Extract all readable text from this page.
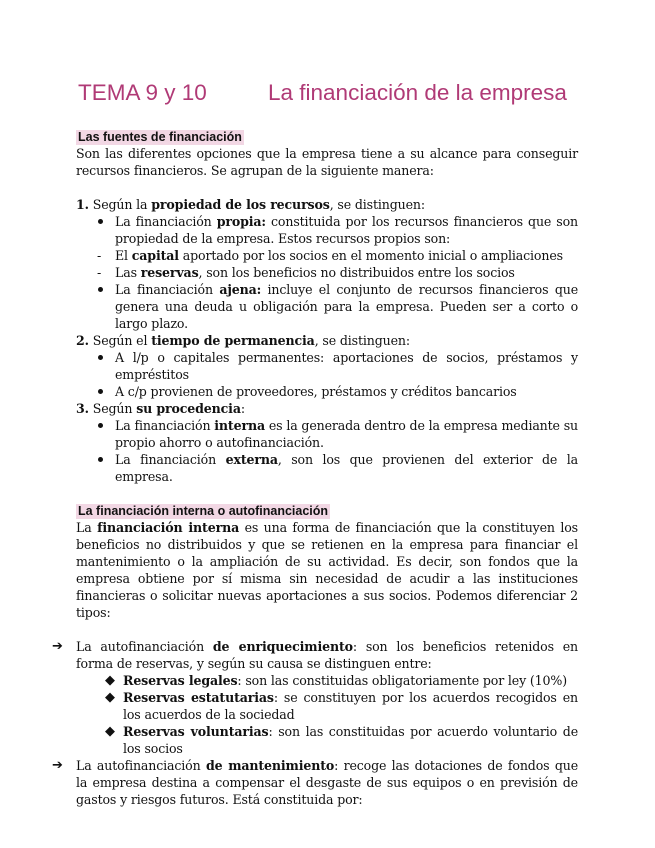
TEMA 9 y 10	La financiación de la empresa
Las fuentes de financiación

Son las diferentes opciones que la empresa tiene a su alcance para conseguir recursos financieros. Se agrupan de la siguiente manera:

1. Según la propiedad de los recursos, se distinguen:

La financiación propia: constituida por los recursos financieros que son propiedad de la empresa. Estos recursos propios son:

- El capital aportado por los socios en el momento inicial o ampliaciones

- Las reservas, son los beneficios no distribuidos entre los socios

La financiación ajena: incluye el conjunto de recursos financieros que genera una deuda u obligación para la empresa. Pueden ser a corto o largo plazo.

2. Según el tiempo de permanencia, se distinguen:

A l/p o capitales permanentes: aportaciones de socios, préstamos y empréstitos

A c/p provienen de proveedores, préstamos y créditos bancarios

3. Según su procedencia:

La financiación interna es la generada dentro de la empresa mediante su propio ahorro o autofinanciación.

La financiación externa, son los que provienen del exterior de la empresa.

La financiación interna o autofinanciación

La financiación interna es una forma de financiación que la constituyen los beneficios no distribuidos y que se retienen en la empresa para financiar el mantenimiento o la ampliación de su actividad. Es decir, son fondos que la empresa obtiene por sí misma sin necesidad de acudir a las instituciones financieras o solicitar nuevas aportaciones a sus socios. Podemos diferenciar 2 tipos:

➔ La autofinanciación de enriquecimiento: son los beneficios retenidos en forma de reservas, y según su causa se distinguen entre:

◆ Reservas legales: son las constituidas obligatoriamente por ley (10%)

◆ Reservas estatutarias: se constituyen por los acuerdos recogidos en los acuerdos de la sociedad

◆ Reservas voluntarias: son las constituidas por acuerdo voluntario de los socios

➔ La autofinanciación de mantenimiento: recoge las dotaciones de fondos que la empresa destina a compensar el desgaste de sus equipos o en previsión de gastos y riesgos futuros. Está constituida por:
